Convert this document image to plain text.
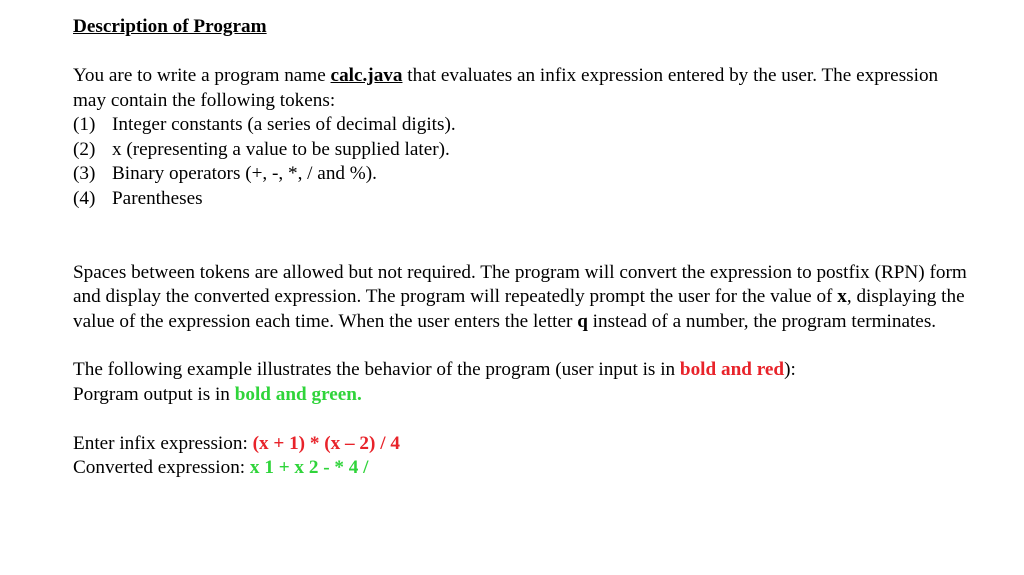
Description of Program

You are to write a program name calc.java that evaluates an infix expression entered by the user. The expression may contain the following tokens:

(1) Integer constants (a series of decimal digits).
(2) x (representing a value to be supplied later).
(3) Binary operators (+, -, *, / and %).
(4) Parentheses

Spaces between tokens are allowed but not required. The program will convert the expression to postfix (RPN) form and display the converted expression. The program will repeatedly prompt the user for the value of x, displaying the value of the expression each time. When the user enters the letter q instead of a number, the program terminates.

The following example illustrates the behavior of the program (user input is in bold and red):

Porgram output is in bold and green.

Enter infix expression: (x + 1) * (x – 2) / 4

Converted expression: x 1 + x 2 - * 4 /
